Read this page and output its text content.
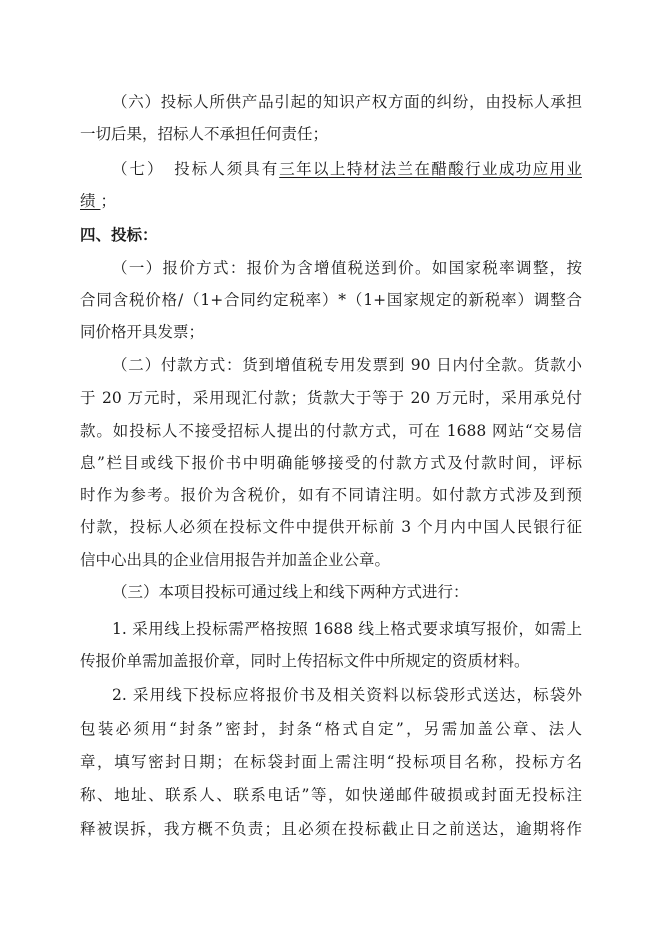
（六）投标人所供产品引起的知识产权方面的纠纷，由投标人承担
一切后果，招标人不承担任何责任；
（七）　投标人须具有 三年以上特材法兰在醋酸行业成功应用业
绩 ；
四、投标：
（一）报价方式：报价为含增值税送到价。如国家税率调整，按
合同含税价格/（1+合同约定税率）*（1+国家规定的新税率）调整合
同价格开具发票；
（二）付款方式：货到增值税专用发票到 90 日内付全款。货款小
于 20 万元时，采用现汇付款；货款大于等于 20 万元时，采用承兑付
款。如投标人不接受招标人提出的付款方式，可在 1688 网站“交易信
息”栏目或线下报价书中明确能够接受的付款方式及付款时间，评标
时作为参考。报价为含税价，如有不同请注明。如付款方式涉及到预
付款，投标人必须在投标文件中提供开标前 3 个月内中国人民银行征
信中心出具的企业信用报告并加盖企业公章。
（三）本项目投标可通过线上和线下两种方式进行：
1. 采用线上投标需严格按照 1688 线上格式要求填写报价，如需上
传报价单需加盖报价章，同时上传招标文件中所规定的资质材料。
2. 采用线下投标应将报价书及相关资料以标袋形式送达，标袋外
包装必须用“封条”密封，封条“格式自定”，另需加盖公章、法人
章，填写密封日期；在标袋封面上需注明“投标项目名称，投标方名
称、地址、联系人、联系电话”等，如快递邮件破损或封面无投标注
释被误拆，我方概不负责；且必须在投标截止日之前送达，逾期将作
